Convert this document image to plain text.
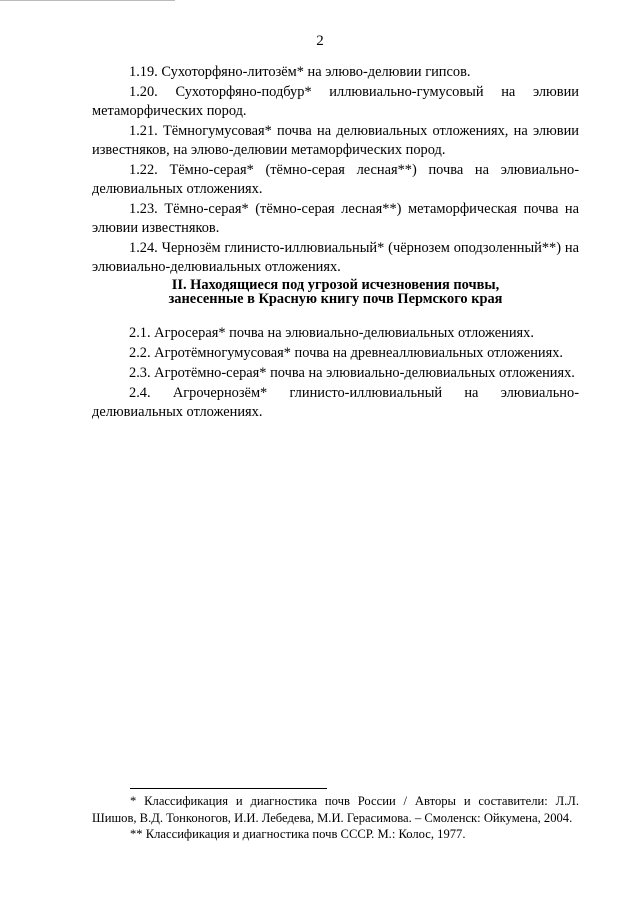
2

1.19. Сухоторфяно-литозём* на элюво-делювии гипсов.

1.20. Сухоторфяно-подбур* иллювиально-гумусовый на элювии метаморфических пород.

1.21. Тёмногумусовая* почва на делювиальных отложениях, на элювии известняков, на элюво-делювии метаморфических пород.

1.22. Тёмно-серая* (тёмно-серая лесная**) почва на элювиально-делювиальных отложениях.

1.23. Тёмно-серая* (тёмно-серая лесная**) метаморфическая почва на элювии известняков.

1.24. Чернозём глинисто-иллювиальный* (чёрнозем оподзоленный**) на элювиально-делювиальных отложениях.

II. Находящиеся под угрозой исчезновения почвы,
занесенные в Красную книгу почв Пермского края

2.1. Агросерая* почва на элювиально-делювиальных отложениях.

2.2. Агротёмногумусовая* почва на древнеаллювиальных отложениях.

2.3. Агротёмно-серая* почва на элювиально-делювиальных отложениях.

2.4. Агрочернозём* глинисто-иллювиальный на элювиально-делювиальных отложениях.

* Классификация и диагностика почв России / Авторы и составители: Л.Л. Шишов, В.Д. Тонконогов, И.И. Лебедева, М.И. Герасимова. – Смоленск: Ойкумена, 2004.

** Классификация и диагностика почв СССР. М.: Колос, 1977.
